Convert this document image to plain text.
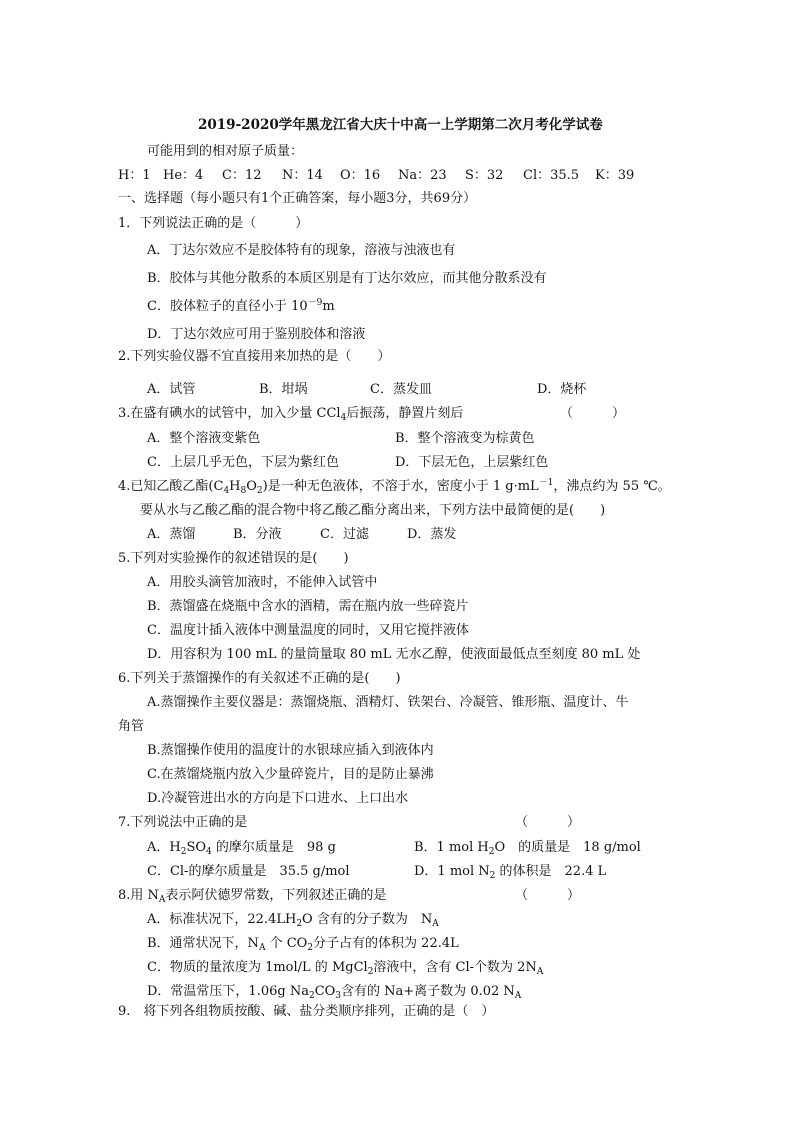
2019-2020学年黑龙江省大庆十中高一上学期第二次月考化学试卷
可能用到的相对原子质量：
H：1 He：4 C：12 N：14 O：16 Na：23 S：32 Cl：35.5 K：39
一、选择题（每小题只有1个正确答案，每小题3分，共69分）
1．下列说法正确的是（　　　）
A．丁达尔效应不是胶体特有的现象，溶液与浊液也有
B．胶体与其他分散系的本质区别是有丁达尔效应，而其他分散系没有
C．胶体粒子的直径小于 $10^{-9}m$
D．丁达尔效应可用于鉴别胶体和溶液
2.下列实验仪器不宜直接用来加热的是（　　）
A．试管	B．坩埚	C．蒸发皿	D．烧杯
3.在盛有碘水的试管中，加入少量 CCl$_4$后振荡，静置片刻后	（　　　）
A．整个溶液变紫色	B．整个溶液变为棕黄色
C．上层几乎无色，下层为紫红色	D．下层无色，上层紫红色
4.已知乙酸乙酯$(C_4H_8O_2)$是一种无色液体，不溶于水，密度小于 1 $g\cdot mL^{-1}$，沸点约为 55 ℃。
要从水与乙酸乙酯的混合物中将乙酸乙酯分离出来，下列方法中最简便的是(　　)
A．蒸馏	B．分液	C．过滤	D．蒸发
5.下列对实验操作的叙述错误的是(　　)
A．用胶头滴管加液时，不能伸入试管中
B．蒸馏盛在烧瓶中含水的酒精，需在瓶内放一些碎瓷片
C．温度计插入液体中测量温度的同时，又用它搅拌液体
D．用容积为 100 mL 的量筒量取 80 mL 无水乙醇，使液面最低点至刻度 80 mL 处
6.下列关于蒸馏操作的有关叙述不正确的是(　　)
A.蒸馏操作主要仪器是：蒸馏烧瓶、酒精灯、铁架台、冷凝管、锥形瓶、温度计、牛
角管
B.蒸馏操作使用的温度计的水银球应插入到液体内
C.在蒸馏烧瓶内放入少量碎瓷片，目的是防止暴沸
D.冷凝管进出水的方向是下口进水、上口出水
7.下列说法中正确的是	（　　　）
A．$H_2SO_4$ 的摩尔质量是　98 g	B．1 mol $H_2O$　的质量是　18 g/mol
C．Cl-的摩尔质量是　35.5 g/mol	D．1 mol $N_2$ 的体积是　22.4 L
8.用 $N_A$表示阿伏德罗常数，下列叙述正确的是	（　　　）
A．标准状况下，$22.4LH_2O$ 含有的分子数为　$N_A$
B．通常状况下，$N_A$ 个 $CO_2$分子占有的体积为 22.4L
C．物质的量浓度为 1mol/L 的 MgCl$_2$溶液中，含有 Cl-个数为 $2N_A$
D．常温常压下，1.06g $Na_2CO_3$含有的 Na+离子数为 0.02 $N_A$
9.　将下列各组物质按酸、碱、盐分类顺序排列，正确的是（　）
